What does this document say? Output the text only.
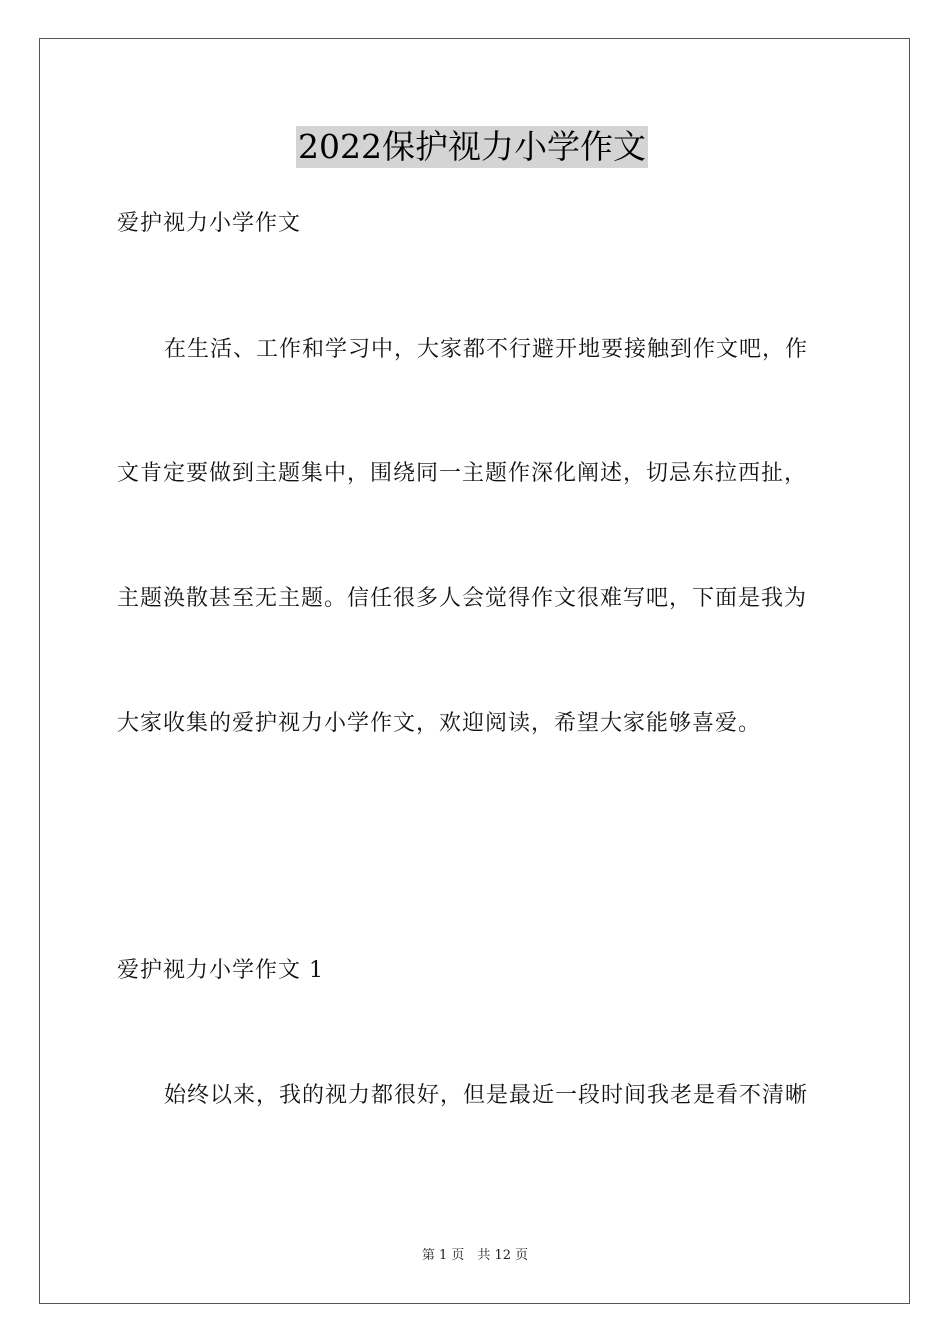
2022保护视力小学作文
爱护视力小学作文
在生活、工作和学习中，大家都不行避开地要接触到作文吧，作
文肯定要做到主题集中，围绕同一主题作深化阐述，切忌东拉西扯，
主题涣散甚至无主题。信任很多人会觉得作文很难写吧，下面是我为
大家收集的爱护视力小学作文，欢迎阅读，希望大家能够喜爱。
爱护视力小学作文 1
始终以来，我的视力都很好，但是最近一段时间我老是看不清晰
第 1 页　共 12 页
